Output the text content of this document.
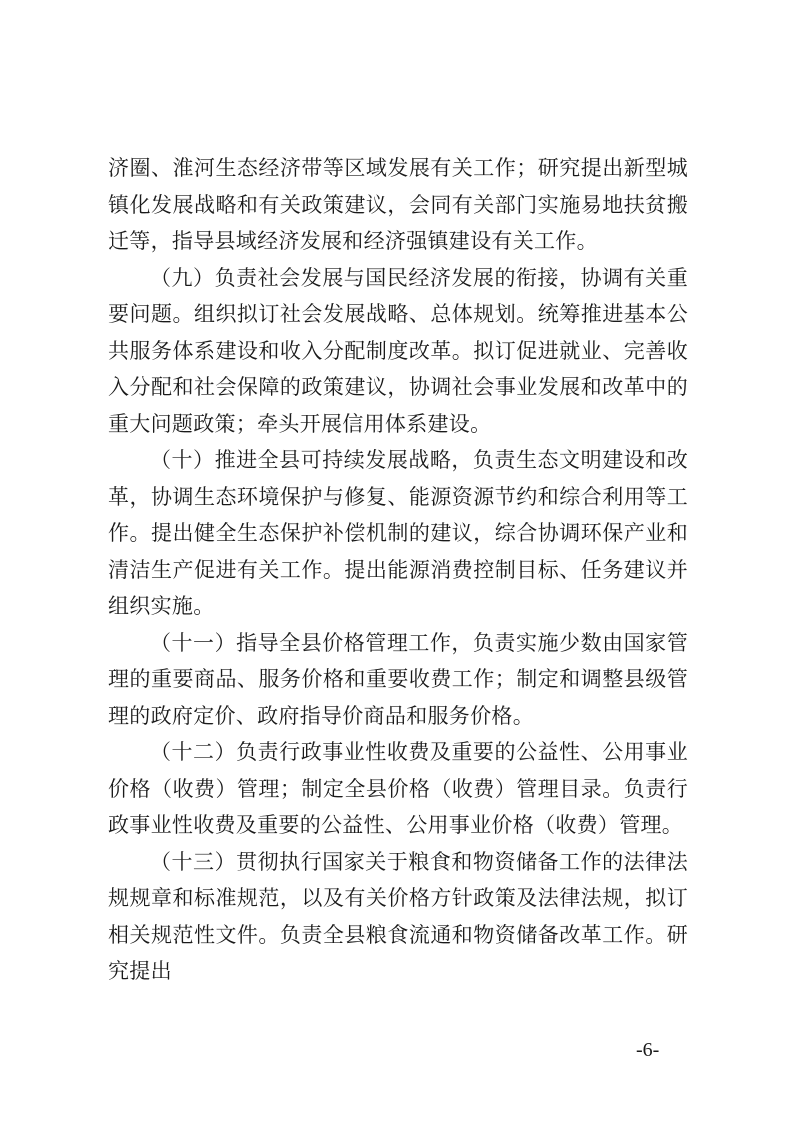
济圈、淮河生态经济带等区域发展有关工作；研究提出新型城镇化发展战略和有关政策建议，会同有关部门实施易地扶贫搬迁等，指导县域经济发展和经济强镇建设有关工作。

（九）负责社会发展与国民经济发展的衔接，协调有关重要问题。组织拟订社会发展战略、总体规划。统筹推进基本公共服务体系建设和收入分配制度改革。拟订促进就业、完善收入分配和社会保障的政策建议，协调社会事业发展和改革中的重大问题政策；牵头开展信用体系建设。

（十）推进全县可持续发展战略，负责生态文明建设和改革，协调生态环境保护与修复、能源资源节约和综合利用等工作。提出健全生态保护补偿机制的建议，综合协调环保产业和清洁生产促进有关工作。提出能源消费控制目标、任务建议并组织实施。

（十一）指导全县价格管理工作，负责实施少数由国家管理的重要商品、服务价格和重要收费工作；制定和调整县级管理的政府定价、政府指导价商品和服务价格。

（十二）负责行政事业性收费及重要的公益性、公用事业价格（收费）管理；制定全县价格（收费）管理目录。负责行政事业性收费及重要的公益性、公用事业价格（收费）管理。

（十三）贯彻执行国家关于粮食和物资储备工作的法律法规规章和标准规范，以及有关价格方针政策及法律法规，拟订相关规范性文件。负责全县粮食流通和物资储备改革工作。研究提出

-6-
